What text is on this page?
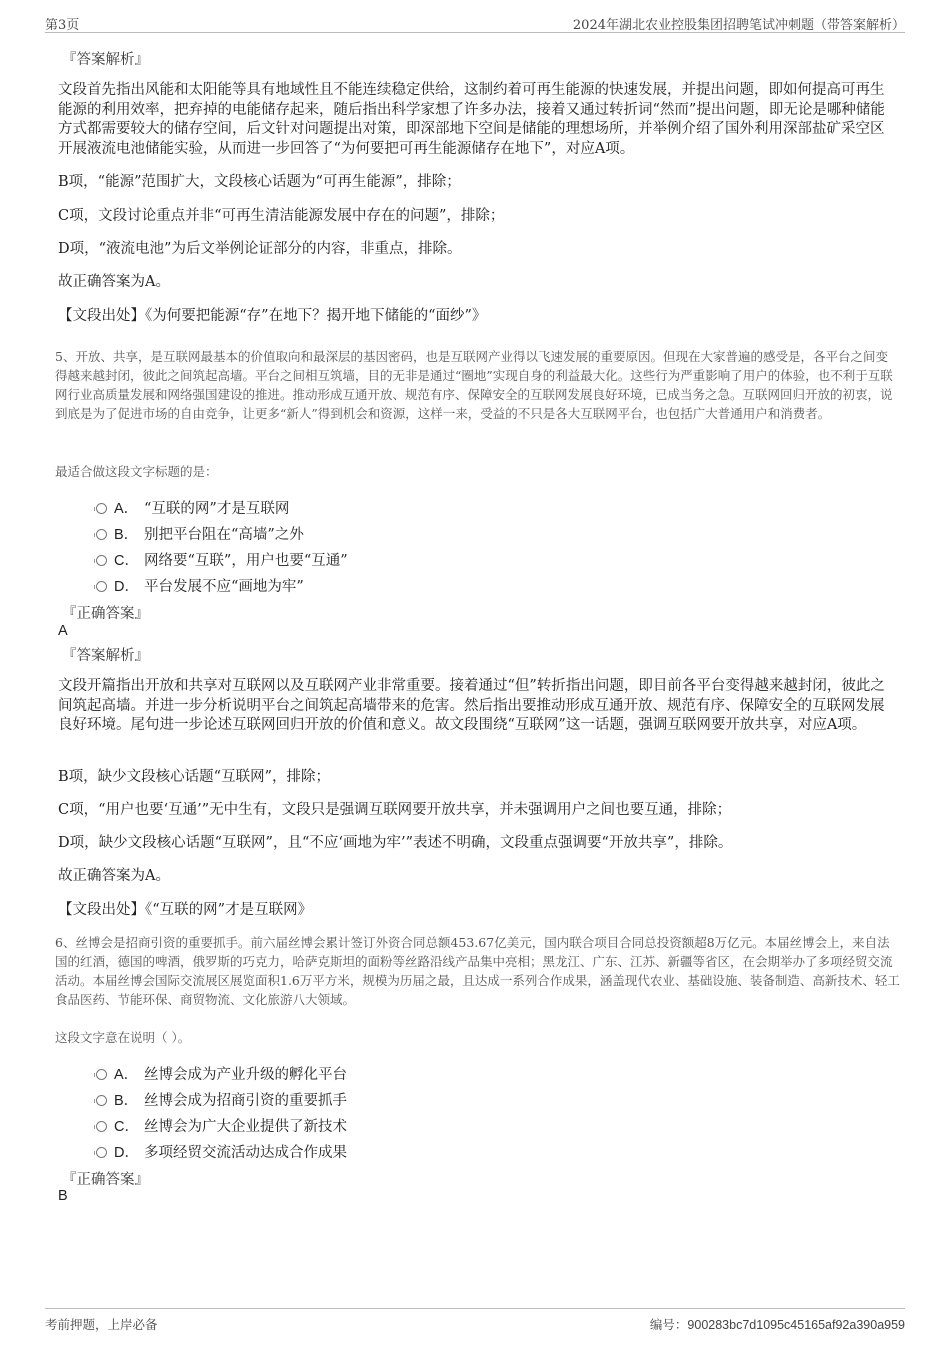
第3页	2024年湖北农业控股集团招聘笔试冲刺题（带答案解析）
『答案解析』
文段首先指出风能和太阳能等具有地域性且不能连续稳定供给，这制约着可再生能源的快速发展，并提出问题，即如何提高可再生能源的利用效率，把弃掉的电能储存起来，随后指出科学家想了许多办法，接着又通过转折词“然而”提出问题，即无论是哪种储能方式都需要较大的储存空间，后文针对问题提出对策，即深部地下空间是储能的理想场所，并举例介绍了国外利用深部盐矿采空区开展液流电池储能实验，从而进一步回答了“为何要把可再生能源储存在地下”，对应A项。
B项，“能源”范围扩大，文段核心话题为“可再生能源”，排除；
C项，文段讨论重点并非“可再生清洁能源发展中存在的问题”，排除；
D项，“液流电池”为后文举例论证部分的内容，非重点，排除。
故正确答案为A。
【文段出处】《为何要把能源“存”在地下？揭开地下储能的“面纱”》
5、开放、共享，是互联网最基本的价值取向和最深层的基因密码，也是互联网产业得以飞速发展的重要原因。但现在大家普遍的感受是，各平台之间变得越来越封闭，彼此之间筑起高墙。平台之间相互筑墙，目的无非是通过“圈地”实现自身的利益最大化。这些行为严重影响了用户的体验，也不利于互联网行业高质量发展和网络强国建设的推进。推动形成互通开放、规范有序、保障安全的互联网发展良好环境，已成当务之急。互联网回归开放的初衷，说到底是为了促进市场的自由竞争，让更多“新人”得到机会和资源，这样一来，受益的不只是各大互联网平台，也包括广大普通用户和消费者。
最适合做这段文字标题的是：
A． “互联的网”才是互联网
B． 别把平台阻在“高墙”之外
C． 网络要“互联”，用户也要“互通”
D． 平台发展不应“画地为牢”
『正确答案』
A
『答案解析』
文段开篇指出开放和共享对互联网以及互联网产业非常重要。接着通过“但”转折指出问题，即目前各平台变得越来越封闭，彼此之间筑起高墙。并进一步分析说明平台之间筑起高墙带来的危害。然后指出要推动形成互通开放、规范有序、保障安全的互联网发展良好环境。尾句进一步论述互联网回归开放的价值和意义。故文段围绕“互联网”这一话题，强调互联网要开放共享，对应A项。
B项，缺少文段核心话题“互联网”，排除；
C项，“用户也要‘互通’”无中生有，文段只是强调互联网要开放共享，并未强调用户之间也要互通，排除；
D项，缺少文段核心话题“互联网”，且“不应‘画地为牢’”表述不明确，文段重点强调要“开放共享”，排除。
故正确答案为A。
【文段出处】《“互联的网”才是互联网》
6、丝博会是招商引资的重要抓手。前六届丝博会累计签订外资合同总额453.67亿美元，国内联合项目合同总投资额超8万亿元。本届丝博会上，来自法国的红酒，德国的啤酒，俄罗斯的巧克力，哈萨克斯坦的面粉等丝路沿线产品集中亮相；黑龙江、广东、江苏、新疆等省区，在会期举办了多项经贸交流活动。本届丝博会国际交流展区展览面积1.6万平方米，规模为历届之最，且达成一系列合作成果，涵盖现代农业、基础设施、装备制造、高新技术、轻工食品医药、节能环保、商贸物流、文化旅游八大领域。
这段文字意在说明（ ）。
A． 丝博会成为产业升级的孵化平台
B． 丝博会成为招商引资的重要抓手
C． 丝博会为广大企业提供了新技术
D． 多项经贸交流活动达成合作成果
『正确答案』
B
考前押题，上岸必备	编号：900283bc7d1095c45165af92a390a959
